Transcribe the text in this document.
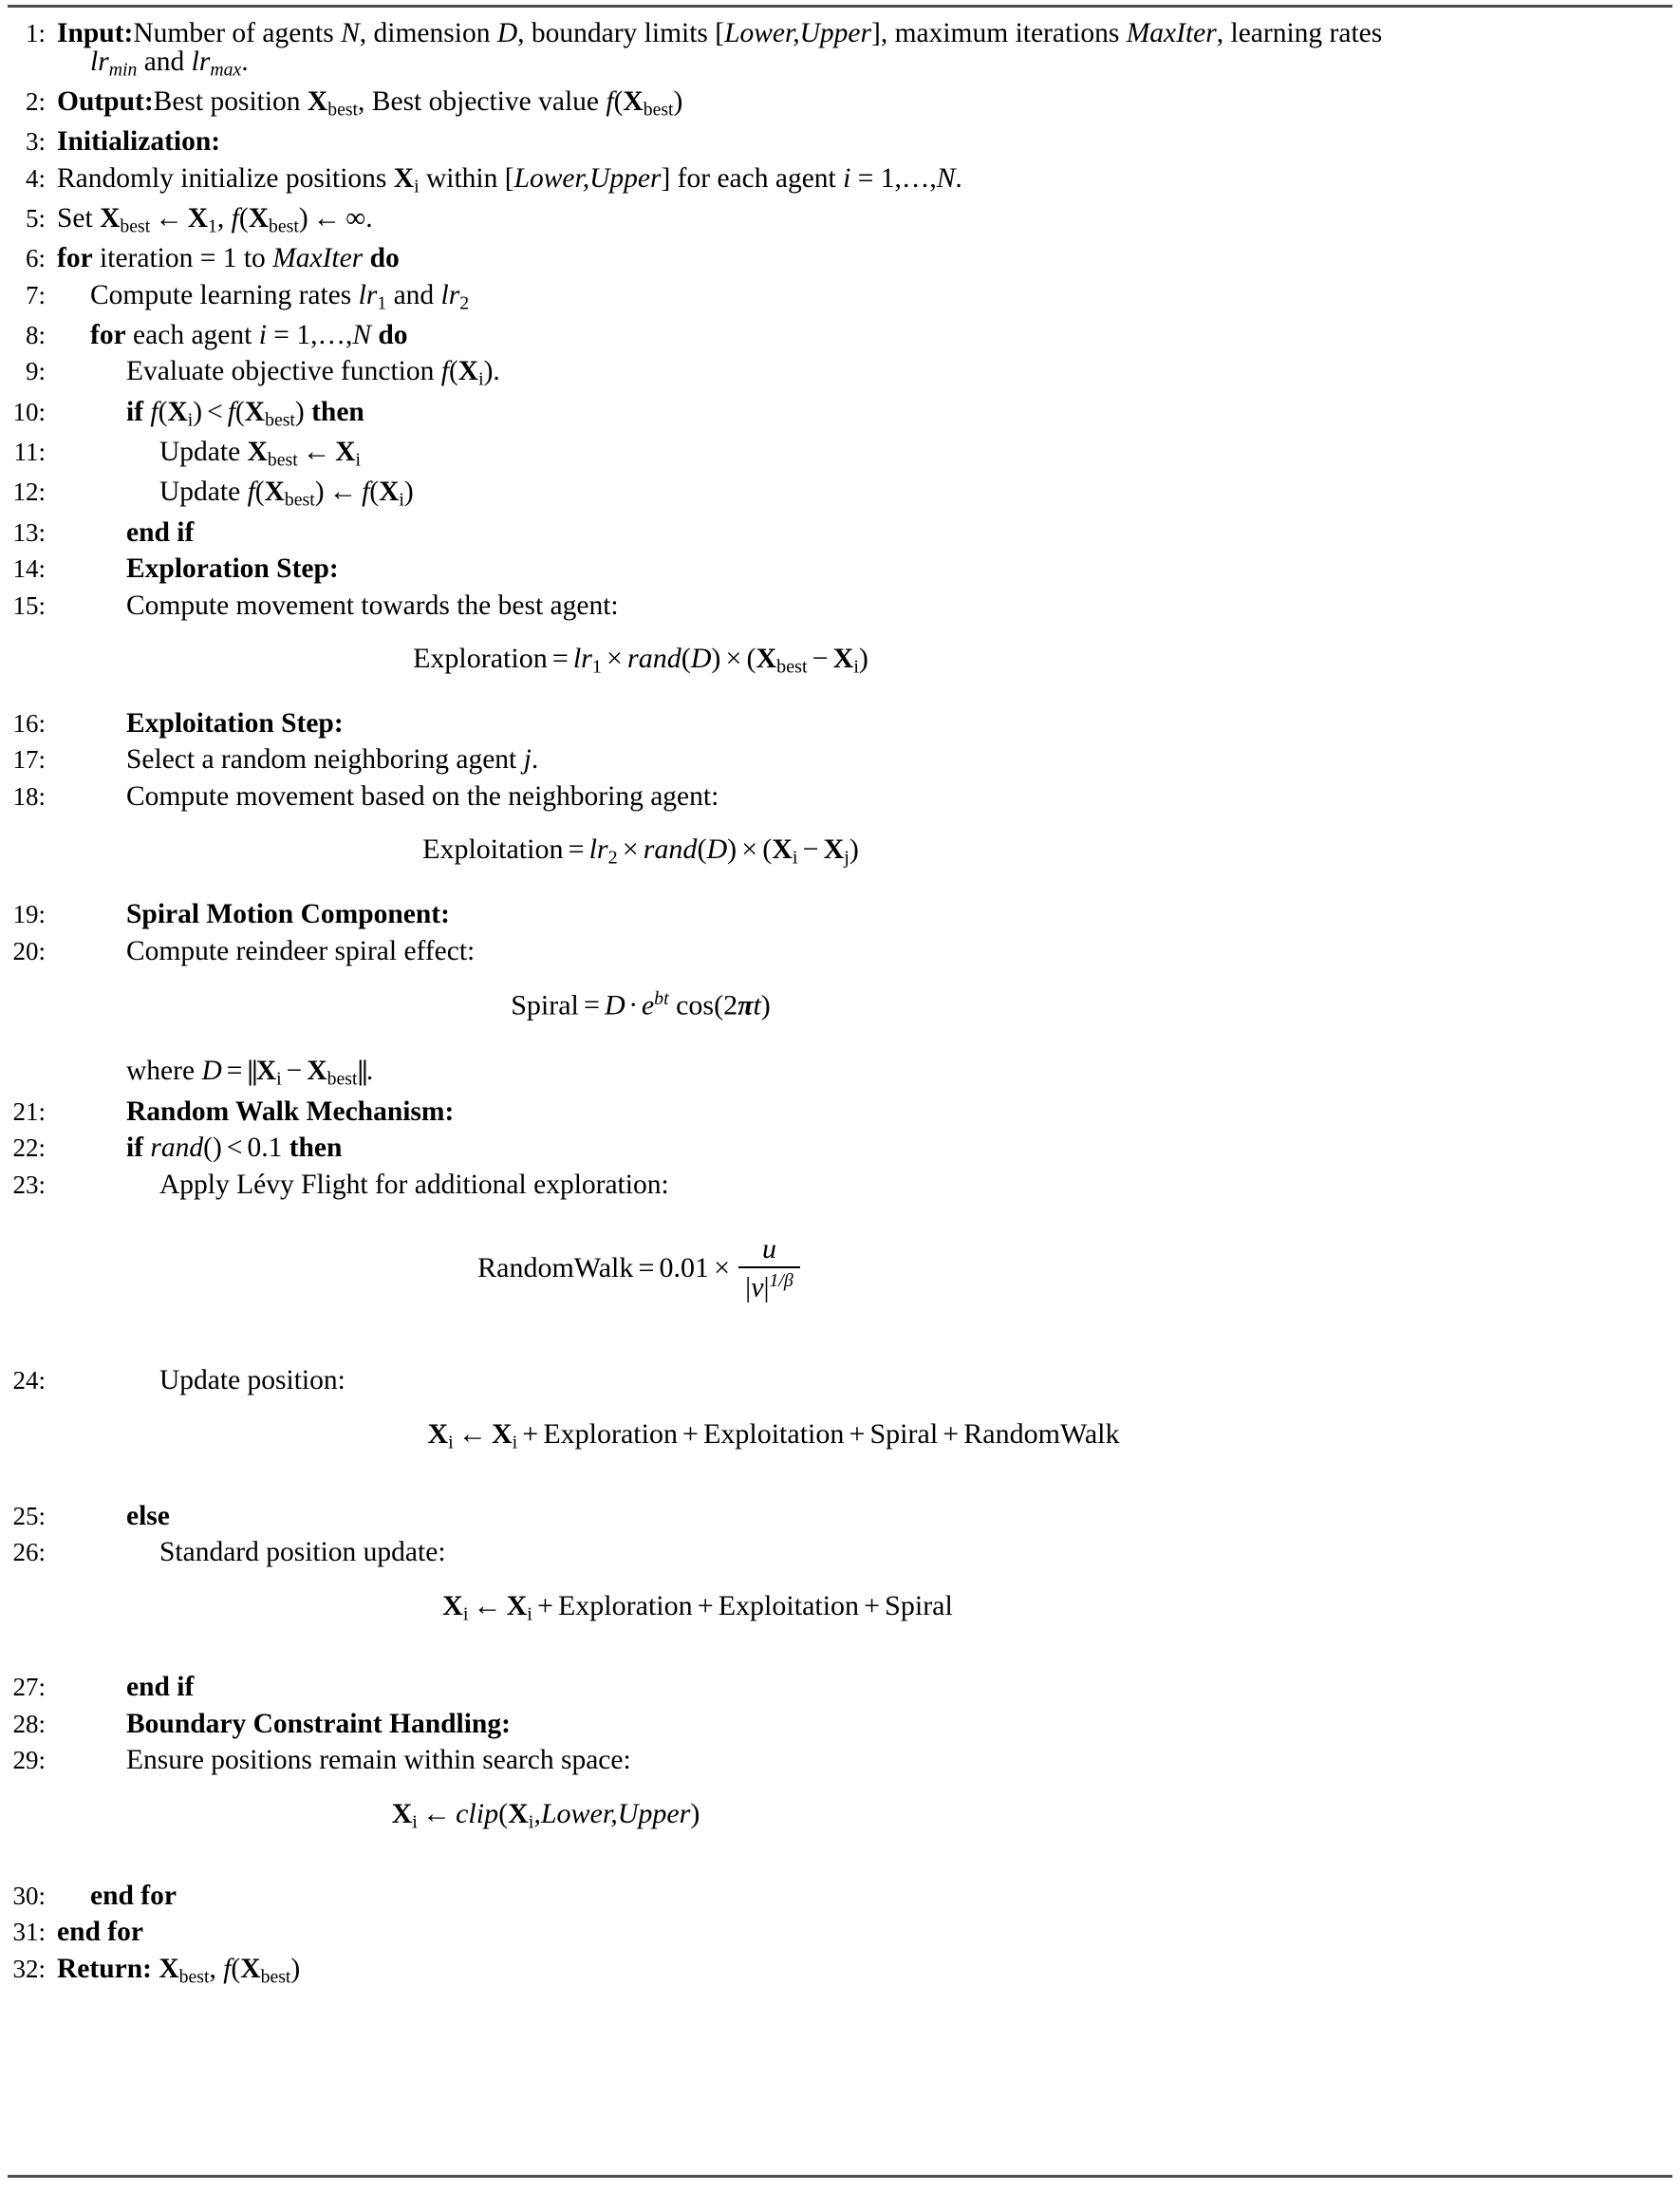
1: Input:Number of agents N, dimension D, boundary limits [Lower,Upper], maximum iterations MaxIter, learning rates
$lr_{min}$ and $lr_{max}$.
2: Output:Best position $X_{best}$, Best objective value $f(X_{best})$
3: Initialization:
4: Randomly initialize positions $X_i$ within [Lower,Upper] for each agent i = 1,…,N.
5: Set $X_{best}$ ← $X_1$, $f(X_{best})$ ← ∞.
6: for iteration = 1 to MaxIter do
7:	Compute learning rates $lr_1$ and $lr_2$
8:	for each agent i = 1,…,N do
9:	Evaluate objective function $f(X_i)$.
10:	if $f(X_i) < f(X_{best})$ then
11:	Update $X_{best}$ ← $X_i$
12:	Update $f(X_{best})$ ← $f(X_i)$
13:	end if
14:	Exploration Step:
15:	Compute movement towards the best agent:
Exploration = $lr_1$ × rand(D) × $(X_{best} - X_i)$
16:	Exploitation Step:
17:	Select a random neighboring agent j.
18:	Compute movement based on the neighboring agent:
Exploitation = $lr_2$ × rand(D) × $(X_i - X_j)$
19:	Spiral Motion Component:
20:	Compute reindeer spiral effect:
Spiral = $D \cdot e^{bt}$ cos(2πt)
where $D = ||X_i - X_{best}||$.
21:	Random Walk Mechanism:
22:	if rand() < 0.1 then
23:	Apply Lévy Flight for additional exploration:
RandomWalk = $0.01 \times \frac{u}{|v|^{1/\beta}}$
24:	Update position:
$X_i$ ← $X_i$ + Exploration + Exploitation + Spiral + RandomWalk
25:	else
26:	Standard position update:
$X_i$ ← $X_i$ + Exploration + Exploitation + Spiral
27:	end if
28:	Boundary Constraint Handling:
29:	Ensure positions remain within search space:
$X_i$ ← $clip(X_i,Lower,Upper)$
30:	end for
31: end for
32: Return: $X_{best}$, $f(X_{best})$
